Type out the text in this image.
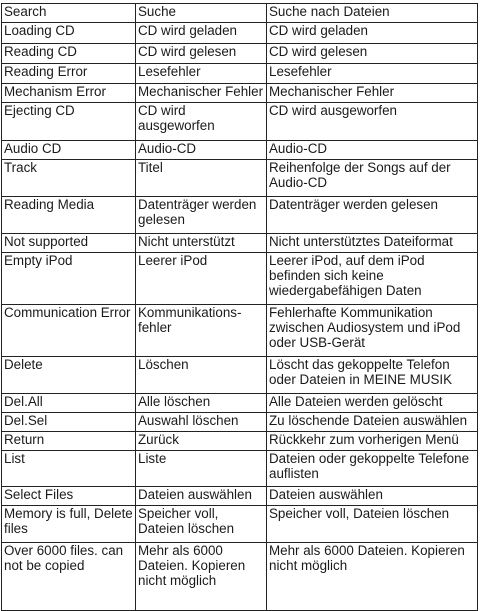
Search	Suche	Suche nach Dateien
Loading CD	CD wird geladen	CD wird geladen
Reading CD	CD wird gelesen	CD wird gelesen
Reading Error	Lesefehler	Lesefehler
Mechanism Error	Mechanischer Fehler	Mechanischer Fehler
Ejecting CD	CD wird ausgeworfen	CD wird ausgeworfen
Audio CD	Audio-CD	Audio-CD
Track	Titel	Reihenfolge der Songs auf der Audio-CD
Reading Media	Datenträger werden gelesen	Datenträger werden gelesen
Not supported	Nicht unterstützt	Nicht unterstütztes Dateiformat
Empty iPod	Leerer iPod	Leerer iPod, auf dem iPod befinden sich keine wiedergabefähigen Daten
Communication Error	Kommunikations-fehler	Fehlerhafte Kommunikation zwischen Audiosystem und iPod oder USB-Gerät
Delete	Löschen	Löscht das gekoppelte Telefon oder Dateien in MEINE MUSIK
Del.All	Alle löschen	Alle Dateien werden gelöscht
Del.Sel	Auswahl löschen	Zu löschende Dateien auswählen
Return	Zurück	Rückkehr zum vorherigen Menü
List	Liste	Dateien oder gekoppelte Telefone auflisten
Select Files	Dateien auswählen	Dateien auswählen
Memory is full, Delete files	Speicher voll, Dateien löschen	Speicher voll, Dateien löschen
Over 6000 files. can not be copied	Mehr als 6000 Dateien. Kopieren nicht möglich	Mehr als 6000 Dateien. Kopieren nicht möglich
